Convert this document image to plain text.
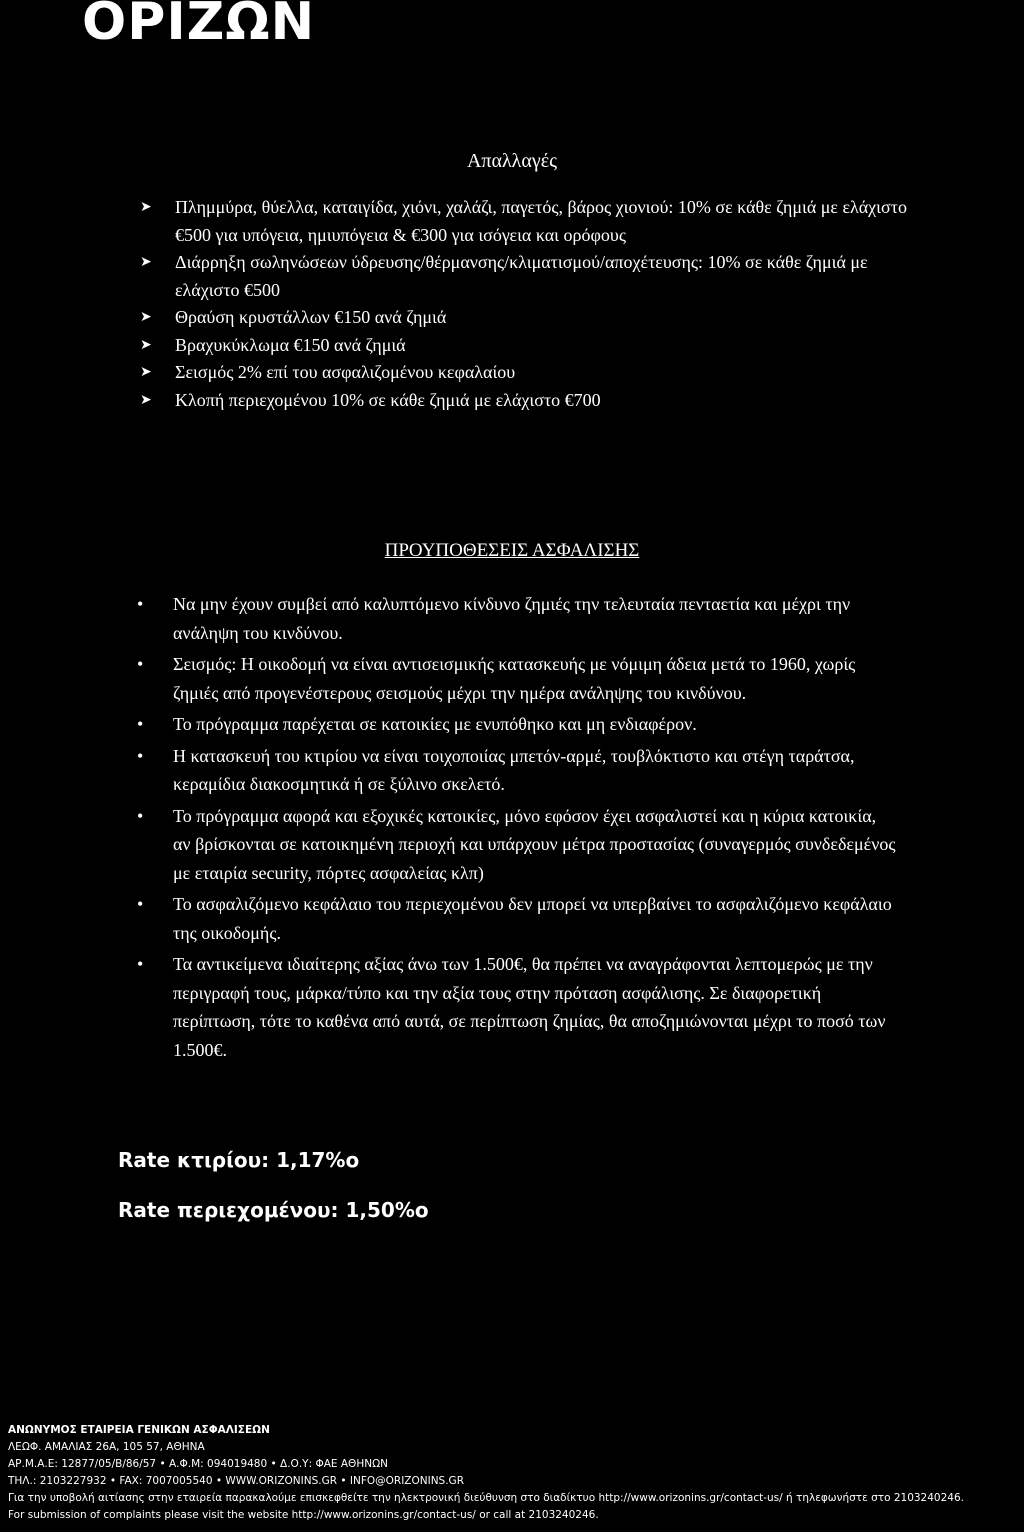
ΟΡΙΖΩΝ
Απαλλαγές
➤ Πλημμύρα, θύελλα, καταιγίδα, χιόνι, χαλάζι, παγετός, βάρος χιονιού: 10% σε κάθε ζημιά με ελάχιστο €500 για υπόγεια, ημιυπόγεια & €300 για ισόγεια και ορόφους
➤ Διάρρηξη σωληνώσεων ύδρευσης/θέρμανσης/κλιματισμού/αποχέτευσης: 10% σε κάθε ζημιά με ελάχιστο €500
➤ Θραύση κρυστάλλων €150 ανά ζημιά
➤ Βραχυκύκλωμα €150 ανά ζημιά
➤ Σεισμός 2% επί του ασφαλιζομένου κεφαλαίου
➤ Κλοπή περιεχομένου 10% σε κάθε ζημιά με ελάχιστο €700
ΠΡΟΥΠΟΘΕΣΕΙΣ ΑΣΦΑΛΙΣΗΣ
• Να μην έχουν συμβεί από καλυπτόμενο κίνδυνο ζημιές την τελευταία πενταετία και μέχρι την ανάληψη του κινδύνου.
• Σεισμός: Η οικοδομή να είναι αντισεισμικής κατασκευής με νόμιμη άδεια μετά το 1960, χωρίς ζημιές από προγενέστερους σεισμούς μέχρι την ημέρα ανάληψης του κινδύνου.
• Το πρόγραμμα παρέχεται σε κατοικίες με ενυπόθηκο και μη ενδιαφέρον.
• Η κατασκευή του κτιρίου να είναι τοιχοποιίας μπετόν-αρμέ, τουβλόκτιστο και στέγη ταράτσα, κεραμίδια διακοσμητικά ή σε ξύλινο σκελετό.
• Το πρόγραμμα αφορά και εξοχικές κατοικίες, μόνο εφόσον έχει ασφαλιστεί και η κύρια κατοικία, αν βρίσκονται σε κατοικημένη περιοχή και υπάρχουν μέτρα προστασίας (συναγερμός συνδεδεμένος με εταιρία security, πόρτες ασφαλείας κλπ)
• Το ασφαλιζόμενο κεφάλαιο του περιεχομένου δεν μπορεί να υπερβαίνει το ασφαλιζόμενο κεφάλαιο της οικοδομής.
• Τα αντικείμενα ιδιαίτερης αξίας άνω των 1.500€, θα πρέπει να αναγράφονται λεπτομερώς με την περιγραφή τους, μάρκα/τύπο και την αξία τους στην πρόταση ασφάλισης. Σε διαφορετική περίπτωση, τότε το καθένα από αυτά, σε περίπτωση ζημίας, θα αποζημιώνονται μέχρι το ποσό των 1.500€.
Rate κτιρίου: 1,17%ο
Rate περιεχομένου: 1,50%ο
ΑΝΩΝΥΜΟΣ ΕΤΑΙΡΕΙΑ ΓΕΝΙΚΩΝ ΑΣΦΑΛΙΣΕΩΝ
ΛΕΩΦ. ΑΜΑΛΙΑΣ 26Α, 105 57, ΑΘΗΝΑ
ΑΡ.Μ.Α.Ε: 12877/05/Β/86/57 • Α.Φ.Μ: 094019480 • Δ.Ο.Υ: ΦΑΕ ΑΘΗΝΩΝ
ΤΗΛ.: 2103227932 • FAX: 7007005540 • WWW.ORIZONINS.GR • INFO@ORIZONINS.GR
Για την υποβολή αιτίασης στην εταιρεία παρακαλούμε επισκεφθείτε την ηλεκτρονική διεύθυνση στο διαδίκτυο http://www.orizonins.gr/contact-us/ ή τηλεφωνήστε στο 2103240246.
For submission of complaints please visit the website http://www.orizonins.gr/contact-us/ or call at 2103240246.
